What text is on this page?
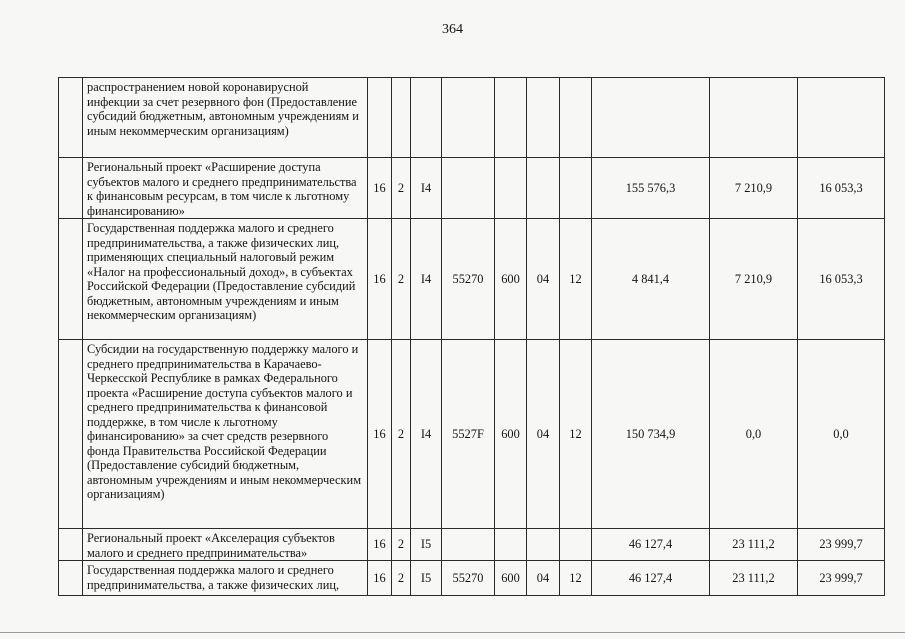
364
	распространением новой коронавирусной инфекции за счет резервного фон (Предоставление субсидий бюджетным, автономным учреждениям и иным некоммерческим организациям)										
	Региональный проект «Расширение доступа субъектов малого и среднего предпринимательства к финансовым ресурсам, в том числе к льготному финансированию»	16	2	I4					155 576,3	7 210,9	16 053,3
	Государственная поддержка малого и среднего предпринимательства, а также физических лиц, применяющих специальный налоговый режим «Налог на профессиональный доход», в субъектах Российской Федерации (Предоставление субсидий бюджетным, автономным учреждениям и иным некоммерческим организациям)	16	2	I4	55270	600	04	12	4 841,4	7 210,9	16 053,3
	Субсидии на государственную поддержку малого и среднего предпринимательства в Карачаево-Черкесской Республике в рамках Федерального проекта «Расширение доступа субъектов малого и среднего предпринимательства к финансовой поддержке, в том числе к льготному финансированию» за счет средств резервного фонда Правительства Российской Федерации (Предоставление субсидий бюджетным, автономным учреждениям и иным некоммерческим организациям)	16	2	I4	5527F	600	04	12	150 734,9	0,0	0,0
	Региональный проект «Акселерация субъектов малого и среднего предпринимательства»	16	2	I5					46 127,4	23 111,2	23 999,7
	Государственная поддержка малого и среднего предпринимательства, а также физических лиц,	16	2	I5	55270	600	04	12	46 127,4	23 111,2	23 999,7
